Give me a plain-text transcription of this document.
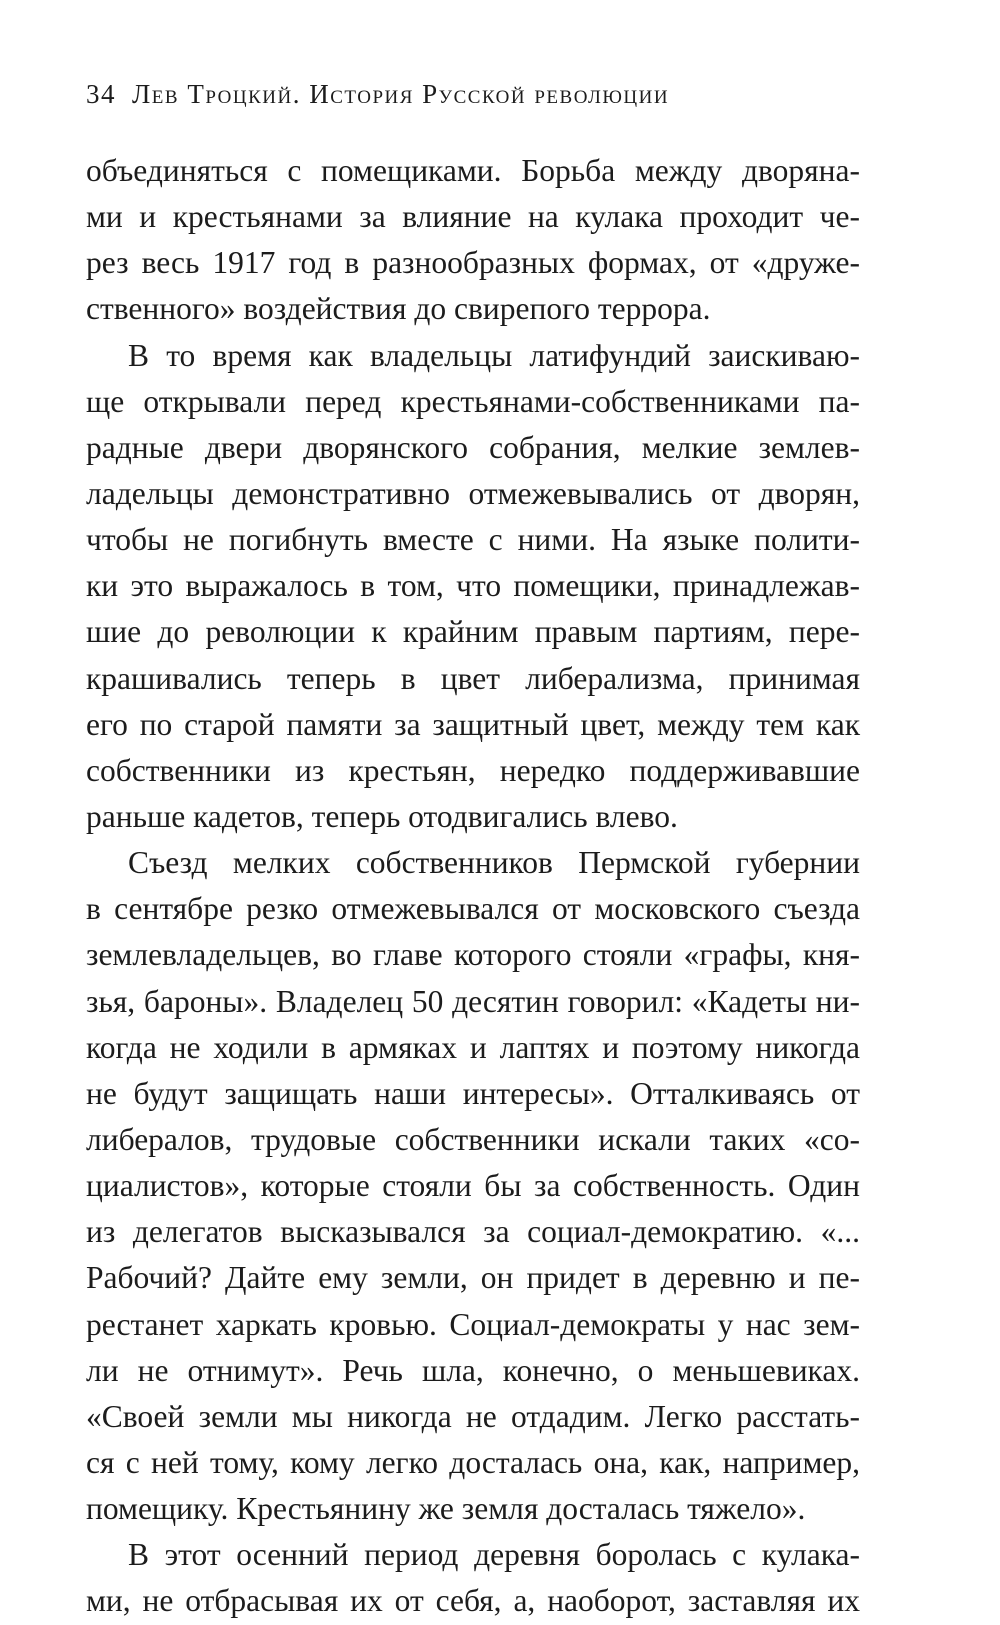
34 Лев Троцкий. История Русской революции
объединяться с помещиками. Борьба между дворяна-
ми и крестьянами за влияние на кулака проходит че-
рез весь 1917 год в разнообразных формах, от «друже-
ственного» воздействия до свирепого террора.
В то время как владельцы латифундий заискиваю-
ще открывали перед крестьянами-собственниками па-
радные двери дворянского собрания, мелкие землев-
ладельцы демонстративно отмежевывались от дворян,
чтобы не погибнуть вместе с ними. На языке полити-
ки это выражалось в том, что помещики, принадлежав-
шие до революции к крайним правым партиям, пере-
крашивались теперь в цвет либерализма, принимая
его по старой памяти за защитный цвет, между тем как
собственники из крестьян, нередко поддерживавшие
раньше кадетов, теперь отодвигались влево.
Съезд мелких собственников Пермской губернии
в сентябре резко отмежевывался от московского съезда
землевладельцев, во главе которого стояли «графы, кня-
зья, бароны». Владелец 50 десятин говорил: «Кадеты ни-
когда не ходили в армяках и лаптях и поэтому никогда
не будут защищать наши интересы». Отталкиваясь от
либералов, трудовые собственники искали таких «со-
циалистов», которые стояли бы за собственность. Один
из делегатов высказывался за социал-демократию. «...
Рабочий? Дайте ему земли, он придет в деревню и пе-
рестанет харкать кровью. Социал-демократы у нас зем-
ли не отнимут». Речь шла, конечно, о меньшевиках.
«Своей земли мы никогда не отдадим. Легко расстать-
ся с ней тому, кому легко досталась она, как, например,
помещику. Крестьянину же земля досталась тяжело».
В этот осенний период деревня боролась с кулака-
ми, не отбрасывая их от себя, а, наоборот, заставляя их
